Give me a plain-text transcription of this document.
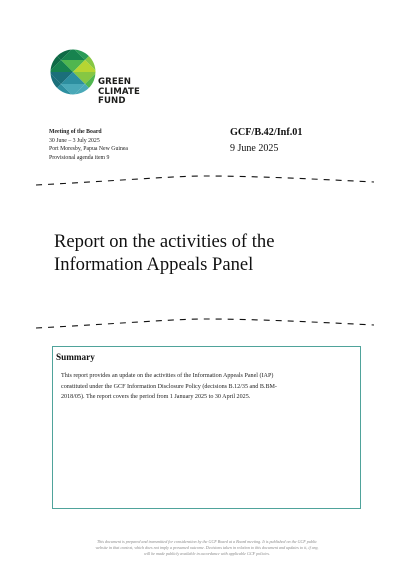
GREEN
CLIMATE
FUND
Meeting of the Board
30 June – 3 July 2025
Port Moresby, Papua New Guinea
Provisional agenda item 9
GCF/B.42/Inf.01
9 June 2025
Report on the activities of the
Information Appeals Panel
Summary
This report provides an update on the activities of the Information Appeals Panel (IAP)
constituted under the GCF Information Disclosure Policy (decisions B.12/35 and B.BM-
2018/05). The report covers the period from 1 January 2025 to 30 April 2025.
This document is prepared and transmitted for consideration by the GCF Board at a Board meeting. It is published on the GCF public
website in that context, which does not imply a presumed outcome. Decisions taken in relation to this document and updates to it, if any,
will be made publicly available in accordance with applicable GCF policies.
